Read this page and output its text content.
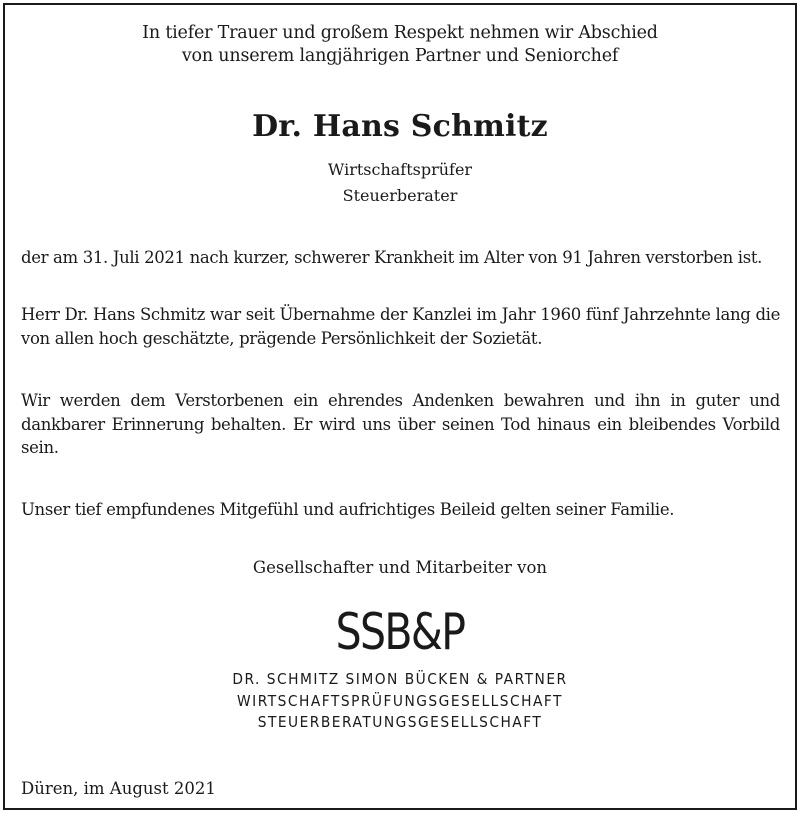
In tiefer Trauer und großem Respekt nehmen wir Abschied
von unserem langjährigen Partner und Seniorchef
Dr. Hans Schmitz
Wirtschaftsprüfer
Steuerberater
der am 31. Juli 2021 nach kurzer, schwerer Krankheit im Alter von 91 Jahren verstorben ist.
Herr Dr. Hans Schmitz war seit Übernahme der Kanzlei im Jahr 1960 fünf Jahrzehnte lang die von allen hoch geschätzte, prägende Persönlichkeit der Sozietät.
Wir werden dem Verstorbenen ein ehrendes Andenken bewahren und ihn in guter und dankbarer Erinnerung behalten. Er wird uns über seinen Tod hinaus ein bleibendes Vorbild sein.
Unser tief empfundenes Mitgefühl und aufrichtiges Beileid gelten seiner Familie.
Gesellschafter und Mitarbeiter von
SSB&P
DR. SCHMITZ SIMON BÜCKEN & PARTNER
WIRTSCHAFTSPRÜFUNGSGESELLSCHAFT
STEUERBERATUNGSGESELLSCHAFT
Düren, im August 2021
